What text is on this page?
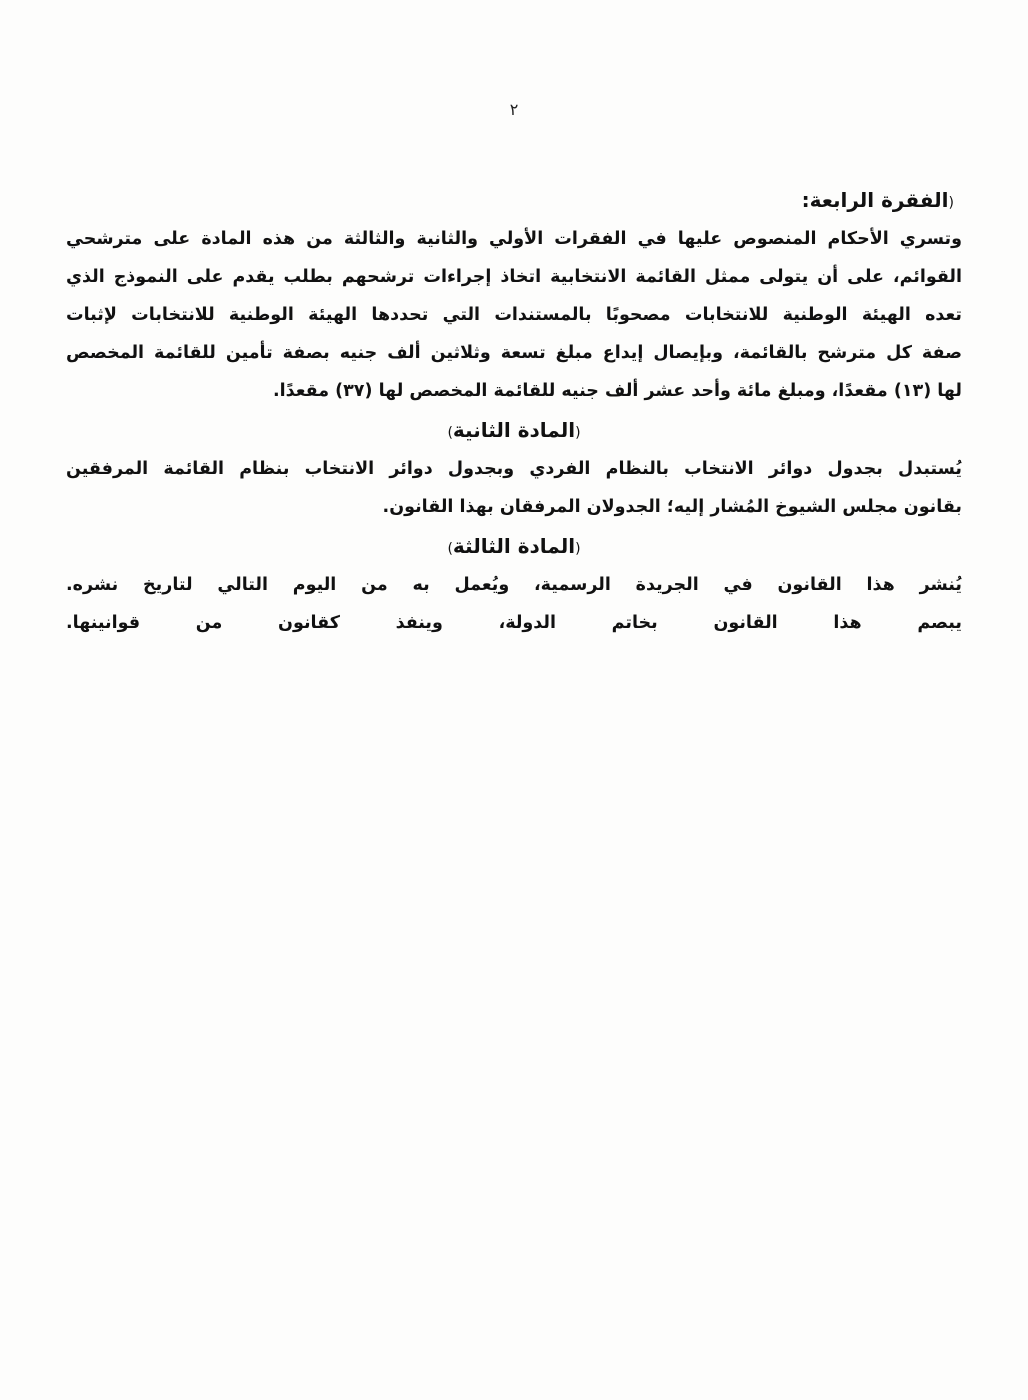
٢
(الفقرة الرابعة:

وتسري الأحكام المنصوص عليها في الفقرات الأولي والثانية والثالثة من هذه المادة على مترشحي
القوائم، على أن يتولى ممثل القائمة الانتخابية اتخاذ إجراءات ترشحهم بطلب يقدم على النموذج الذي
تعده الهيئة الوطنية للانتخابات مصحوبًا بالمستندات التي تحددها الهيئة الوطنية للانتخابات لإثبات
صفة كل مترشح بالقائمة، وبإيصال إيداع مبلغ تسعة وثلاثين ألف جنيه بصفة تأمين للقائمة المخصص
لها (١٣) مقعدًا، ومبلغ مائة وأحد عشر ألف جنيه للقائمة المخصص لها (٣٧) مقعدًا.

(المادة الثانية)

يُستبدل بجدول دوائر الانتخاب بالنظام الفردي وبجدول دوائر الانتخاب بنظام القائمة المرفقين
بقانون مجلس الشيوخ المُشار إليه؛ الجدولان المرفقان بهذا القانون.

(المادة الثالثة)

يُنشر هذا القانون في الجريدة الرسمية، ويُعمل به من اليوم التالي لتاريخ نشره.
يبصم هذا القانون بخاتم الدولة، وينفذ كقانون من قوانينها.
